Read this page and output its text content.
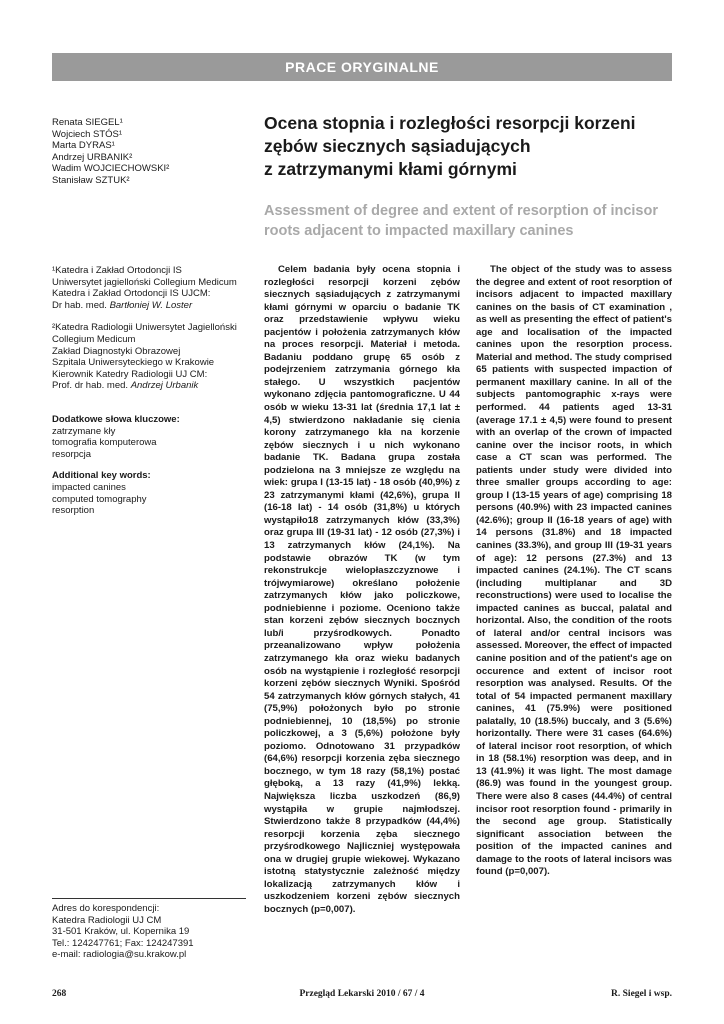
PRACE ORYGINALNE
Renata SIEGEL¹
Wojciech STÓS¹
Marta DYRAS¹
Andrzej URBANIK²
Wadim WOJCIECHOWSKI²
Stanisław SZTUK²

¹Katedra i Zakład Ortodoncji IS
Uniwersytet jagielloński Collegium Medicum
Katedra i Zakład Ortodoncji IS UJCM:
Dr hab. med. Bartłoniej W. Loster

²Katedra Radiologii Uniwersytet Jagielloński
Collegium Medicum
Zakład Diagnostyki Obrazowej
Szpitala Uniwersyteckiego w Krakowie
Kierownik Katedry Radiologii UJ CM:
Prof. dr hab. med. Andrzej Urbanik

Dodatkowe słowa kluczowe:
zatrzymane kły
tomografia komputerowa
resorpcja
Additional key words:
impacted canines
computed tomography
resorption
Adres do korespondencji:
Katedra Radiologii UJ CM
31-501 Kraków, ul. Kopernika 19
Tel.: 124247761; Fax: 124247391
e-mail: radiologia@su.krakow.pl
Ocena stopnia i rozległości resorpcji korzeni
zębów siecznych sąsiadujących
z zatrzymanymi kłami górnymi
Assessment of degree and extent of resorption of incisor
roots adjacent to impacted maxillary canines
Celem badania były ocena stopnia i rozległości resorpcji korzeni zębów siecznych sąsiadujących z zatrzymanymi kłami górnymi w oparciu o badanie TK oraz przedstawienie wpływu wieku pacjentów i położenia zatrzymanych kłów na proces resorpcji. Materiał i metoda. Badaniu poddano grupę 65 osób z podejrzeniem zatrzymania górnego kła stałego. U wszystkich pacjentów wykonano zdjęcia pantomograficzne. U 44 osób w wieku 13-31 lat (średnia 17,1 lat ± 4,5) stwierdzono nakładanie się cienia korony zatrzymanego kła na korzenie zębów siecznych i u nich wykonano badanie TK. Badana grupa została podzielona na 3 mniejsze ze względu na wiek: grupa I (13-15 lat) - 18 osób (40,9%) z 23 zatrzymanymi kłami (42,6%), grupa II (16-18 lat) - 14 osób (31,8%) u których wystąpiło18 zatrzymanych kłów (33,3%) oraz grupa III (19-31 lat) - 12 osób (27,3%) i 13 zatrzymanych kłów (24,1%). Na podstawie obrazów TK (w tym rekonstrukcje wielopłaszczyznowe i trójwymiarowe) określano położenie zatrzymanych kłów jako policzkowe, podniebienne i poziome. Oceniono także stan korzeni zębów siecznych bocznych lub/i przyśrodkowych. Ponadto przeanalizowano wpływ położenia zatrzymanego kła oraz wieku badanych osób na wystąpienie i rozległość resorpcji korzeni zębów siecznych Wyniki. Spośród 54 zatrzymanych kłów górnych stałych, 41 (75,9%) położonych było po stronie podniebiennej, 10 (18,5%) po stronie policzkowej, a 3 (5,6%) położone były poziomo. Odnotowano 31 przypadków (64,6%) resorpcji korzenia zęba siecznego bocznego, w tym 18 razy (58,1%) postać głęboką, a 13 razy (41,9%) lekką. Największa liczba uszkodzeń (86,9) wystąpiła w grupie najmłodszej. Stwierdzono także 8 przypadków (44,4%) resorpcji korzenia zęba siecznego przyśrodkowego Najliczniej występowała ona w drugiej grupie wiekowej. Wykazano istotną statystycznie zależność między lokalizacją zatrzymanych kłów i uszkodzeniem korzeni zębów siecznych bocznych (p=0,007).
The object of the study was to assess the degree and extent of root resorption of incisors adjacent to impacted maxillary canines on the basis of CT examination , as well as presenting the effect of patient's age and localisation of the impacted canines upon the resorption process. Material and method. The study comprised 65 patients with suspected impaction of permanent maxillary canine. In all of the subjects pantomographic x-rays were performed. 44 patients aged 13-31 (average 17.1 ± 4,5) were found to present with an overlap of the crown of impacted canine over the incisor roots, in which case a CT scan was performed. The patients under study were divided into three smaller groups according to age: group I (13-15 years of age) comprising 18 persons (40.9%) with 23 impacted canines (42.6%); group II (16-18 years of age) with 14 persons (31.8%) and 18 impacted canines (33.3%), and group III (19-31 years of age): 12 persons (27.3%) and 13 impacted canines (24.1%). The CT scans (including multiplanar and 3D reconstructions) were used to localise the impacted canines as buccal, palatal and horizontal. Also, the condition of the roots of lateral and/or central incisors was assessed. Moreover, the effect of impacted canine position and of the patient's age on occurence and extent of incisor root resorption was analysed. Results. Of the total of 54 impacted permanent maxillary canines, 41 (75.9%) were positioned palatally, 10 (18.5%) buccaly, and 3 (5.6%) horizontally. There were 31 cases (64.6%) of lateral incisor root resorption, of which in 18 (58.1%) resorption was deep, and in 13 (41.9%) it was light. The most damage (86.9) was found in the youngest group. There were also 8 cases (44.4%) of central incisor root resorption found - primarily in the second age group. Statistically significant association between the position of the impacted canines and damage to the roots of lateral incisors was found (p=0,007).
268	Przegląd Lekarski 2010 / 67 / 4	R. Siegel i wsp.
